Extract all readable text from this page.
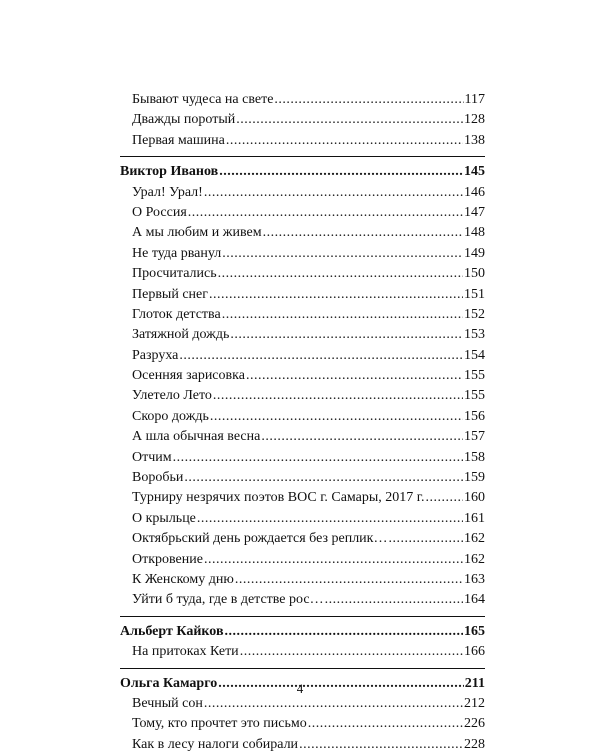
Бывают чудеса на свете .....	117
Дважды поротый .....	128
Первая машина .....	138
Виктор Иванов .....	145
Урал! Урал! .....	146
О Россия .....	147
А мы любим и живем .....	148
Не туда рванул .....	149
Просчитались .....	150
Первый снег .....	151
Глоток детства .....	152
Затяжной дождь .....	153
Разруха .....	154
Осенняя зарисовка .....	155
Улетело Лето .....	155
Скоро дождь .....	156
А шла обычная весна .....	157
Отчим .....	158
Воробьи .....	159
Турниру незрячих поэтов ВОС г. Самары, 2017 г. .....	160
О крыльце .....	161
Октябрьский день рождается без реплик… .....	162
Откровение .....	162
К Женскому дню .....	163
Уйти б туда, где в детстве рос… .....	164
Альберт Кайков .....	165
На притоках Кети .....	166
Ольга Камарго .....	211
Вечный сон .....	212
Тому, кто прочтет это письмо .....	226
Как в лесу налоги собирали .....	228
4
